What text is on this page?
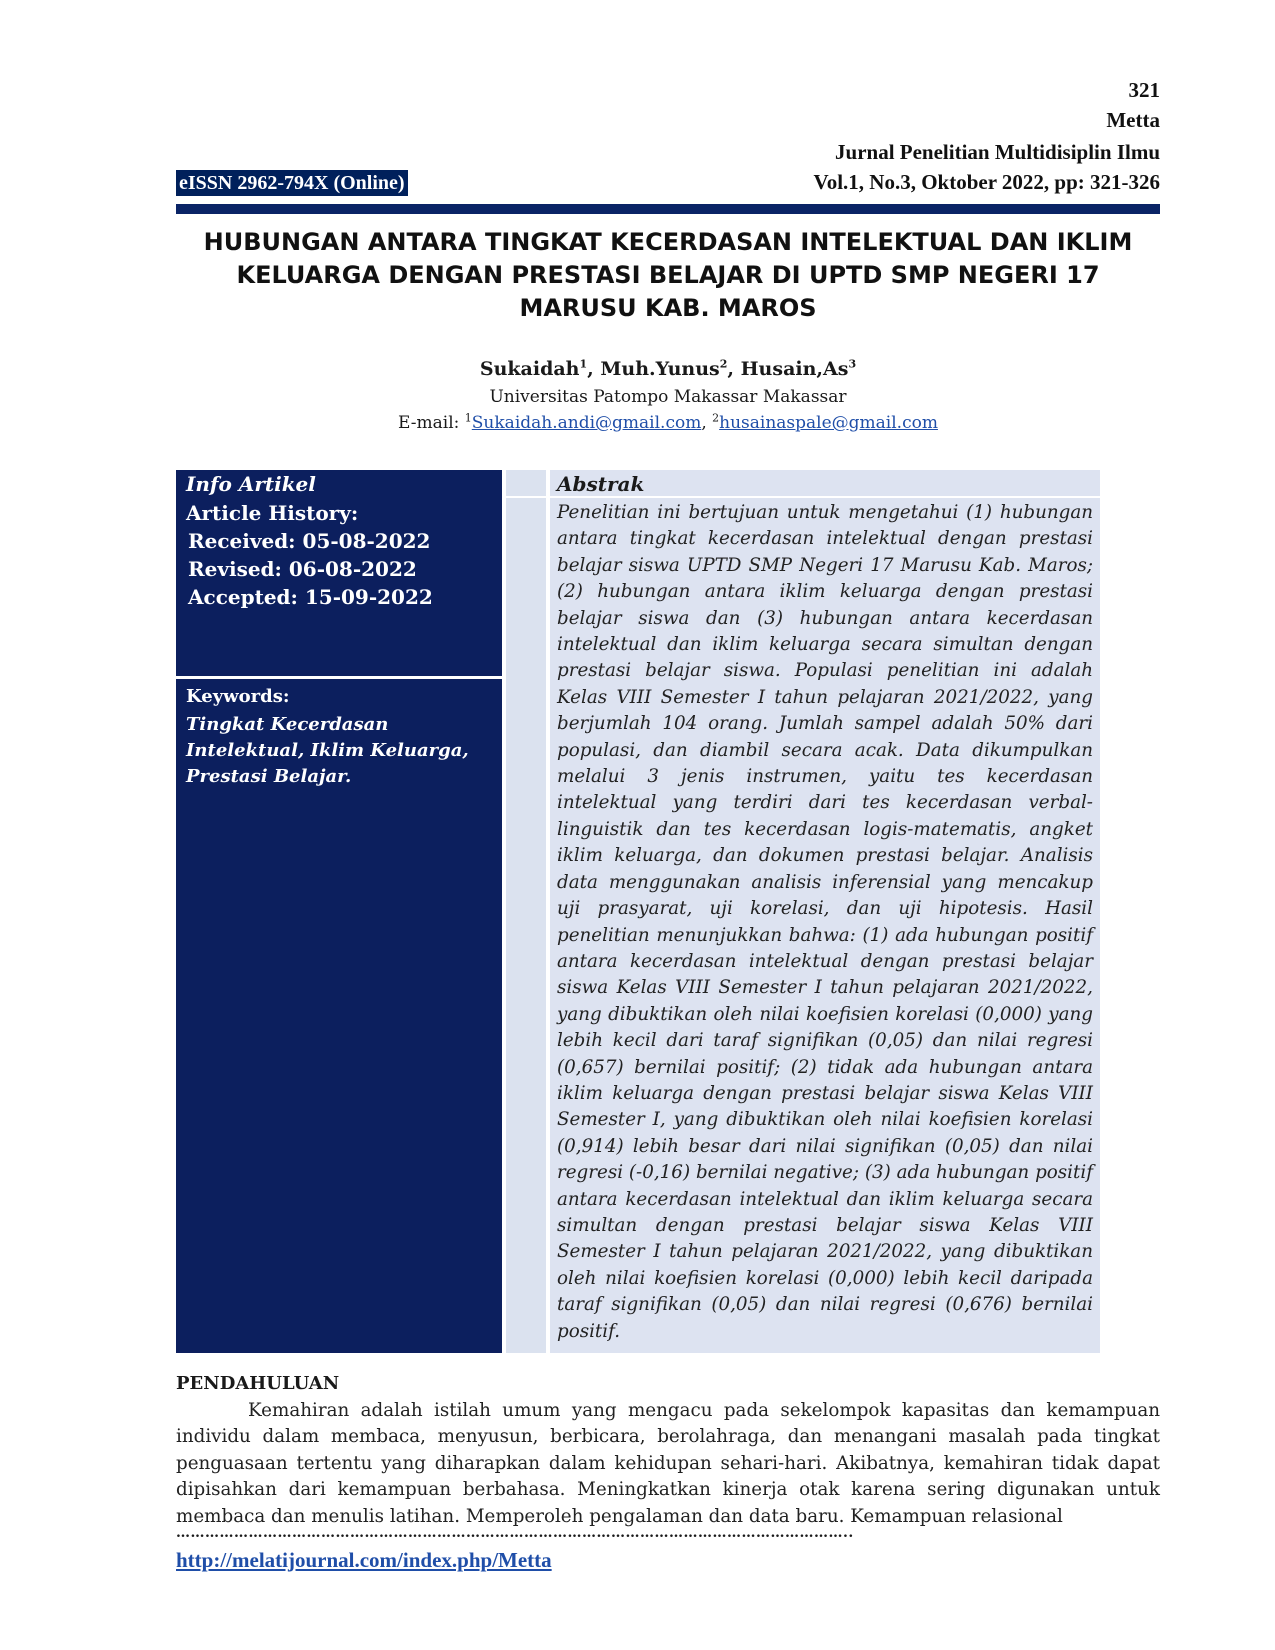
321
Metta
Jurnal Penelitian Multidisiplin Ilmu
eISSN 2962-794X (Online)	Vol.1, No.3, Oktober 2022, pp: 321-326
HUBUNGAN ANTARA TINGKAT KECERDASAN INTELEKTUAL DAN IKLIM KELUARGA DENGAN PRESTASI BELAJAR DI UPTD SMP NEGERI 17 MARUSU KAB. MAROS
Sukaidah$^1$, Muh.Yunus$^2$, Husain,As$^3$
Universitas Patompo Makassar Makassar
E-mail: $^1$Sukaidah.andi@gmail.com, $^2$husainaspale@gmail.com
Info Artikel
Article History:
Received: 05-08-2022
Revised: 06-08-2022
Accepted: 15-09-2022
Keywords:
Tingkat Kecerdasan Intelektual, Iklim Keluarga, Prestasi Belajar.
Abstrak

Penelitian ini bertujuan untuk mengetahui (1) hubungan antara tingkat kecerdasan intelektual dengan prestasi belajar siswa UPTD SMP Negeri 17 Marusu Kab. Maros; (2) hubungan antara iklim keluarga dengan prestasi belajar siswa dan (3) hubungan antara kecerdasan intelektual dan iklim keluarga secara simultan dengan prestasi belajar siswa. Populasi penelitian ini adalah Kelas VIII Semester I tahun pelajaran 2021/2022, yang berjumlah 104 orang. Jumlah sampel adalah 50% dari populasi, dan diambil secara acak. Data dikumpulkan melalui 3 jenis instrumen, yaitu tes kecerdasan intelektual yang terdiri dari tes kecerdasan verbal-linguistik dan tes kecerdasan logis-matematis, angket iklim keluarga, dan dokumen prestasi belajar. Analisis data menggunakan analisis inferensial yang mencakup uji prasyarat, uji korelasi, dan uji hipotesis. Hasil penelitian menunjukkan bahwa: (1) ada hubungan positif antara kecerdasan intelektual dengan prestasi belajar siswa Kelas VIII Semester I tahun pelajaran 2021/2022, yang dibuktikan oleh nilai koefisien korelasi (0,000) yang lebih kecil dari taraf signifikan (0,05) dan nilai regresi (0,657) bernilai positif; (2) tidak ada hubungan antara iklim keluarga dengan prestasi belajar siswa Kelas VIII Semester I, yang dibuktikan oleh nilai koefisien korelasi (0,914) lebih besar dari nilai signifikan (0,05) dan nilai regresi (-0,16) bernilai negative; (3) ada hubungan positif antara kecerdasan intelektual dan iklim keluarga secara simultan dengan prestasi belajar siswa Kelas VIII Semester I tahun pelajaran 2021/2022, yang dibuktikan oleh nilai koefisien korelasi (0,000) lebih kecil daripada taraf signifikan (0,05) dan nilai regresi (0,676) bernilai positif.

PENDAHULUAN

Kemahiran adalah istilah umum yang mengacu pada sekelompok kapasitas dan kemampuan individu dalam membaca, menyusun, berbicara, berolahraga, dan menangani masalah pada tingkat penguasaan tertentu yang diharapkan dalam kehidupan sehari-hari. Akibatnya, kemahiran tidak dapat dipisahkan dari kemampuan berbahasa. Meningkatkan kinerja otak karena sering digunakan untuk membaca dan menulis latihan. Memperoleh pengalaman dan data baru. Kemampuan relasional

…………………………………………………………………………………………………………………………..
http://melatijournal.com/index.php/Metta
